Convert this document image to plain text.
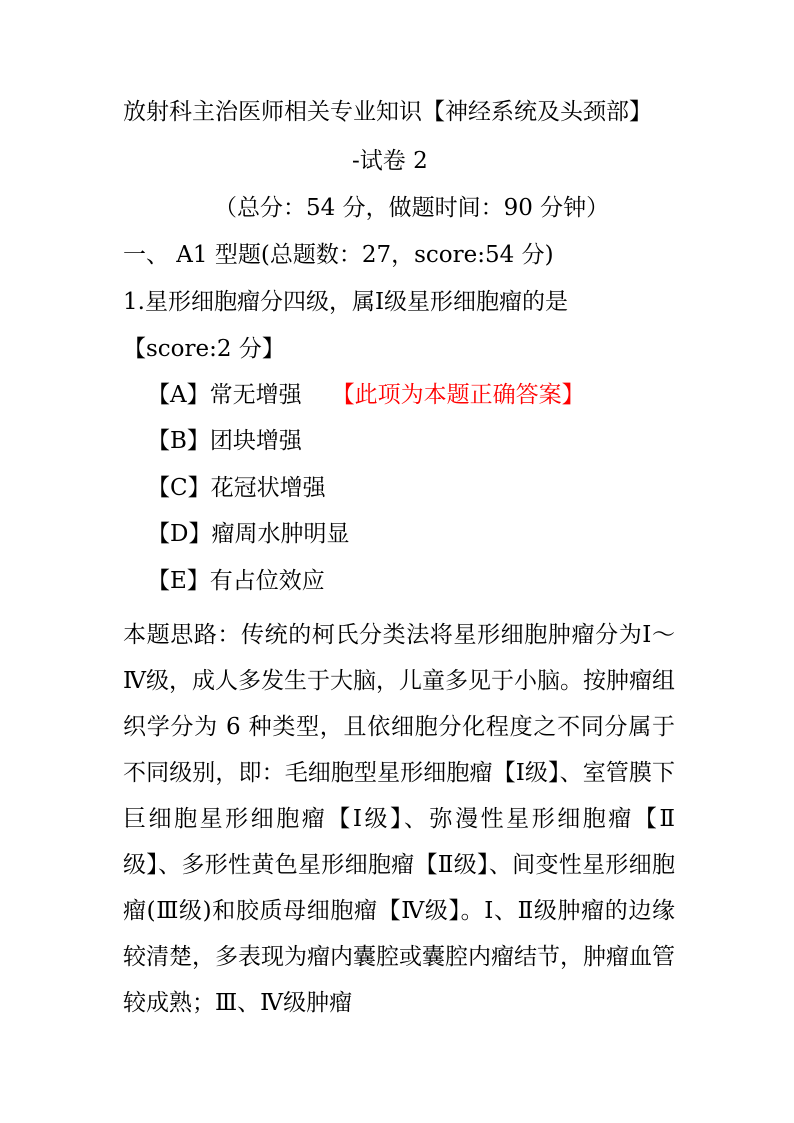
放射科主治医师相关专业知识【神经系统及头颈部】
-试卷 2
（总分：54 分，做题时间：90 分钟）
一、 A1 型题(总题数：27，score:54 分)
1.星形细胞瘤分四级，属Ⅰ级星形细胞瘤的是
【score:2 分】
【A】常无增强 【此项为本题正确答案】
【B】团块增强
【C】花冠状增强
【D】瘤周水肿明显
【E】有占位效应
本题思路：传统的柯氏分类法将星形细胞肿瘤分为Ⅰ～Ⅳ级，成人多发生于大脑，儿童多见于小脑。按肿瘤组织学分为 6 种类型，且依细胞分化程度之不同分属于不同级别，即：毛细胞型星形细胞瘤【Ⅰ级】、室管膜下巨细胞星形细胞瘤【Ⅰ级】、弥漫性星形细胞瘤【Ⅱ级】、多形性黄色星形细胞瘤【Ⅱ级】、间变性星形细胞瘤(Ⅲ级)和胶质母细胞瘤【Ⅳ级】。Ⅰ、Ⅱ级肿瘤的边缘较清楚，多表现为瘤内囊腔或囊腔内瘤结节，肿瘤血管较成熟；Ⅲ、Ⅳ级肿瘤
